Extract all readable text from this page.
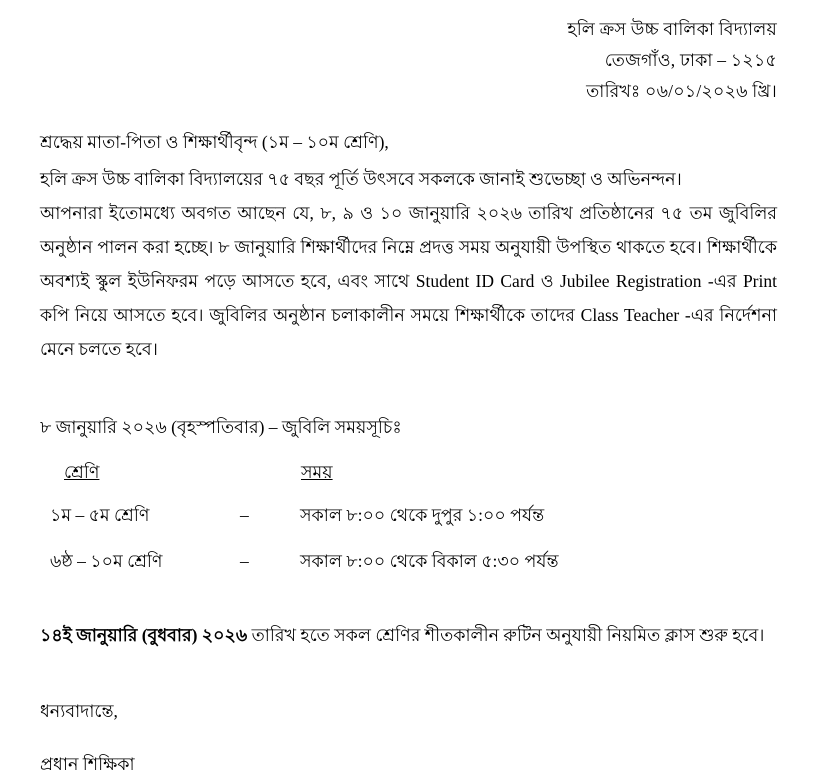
হলি ক্রস উচ্চ বালিকা বিদ্যালয়
তেজগাঁও, ঢাকা – ১২১৫
তারিখঃ ০৬/০১/২০২৬ খ্রি।
শ্রদ্ধেয় মাতা-পিতা ও শিক্ষার্থীবৃন্দ (১ম – ১০ম শ্রেণি),

হলি ক্রস উচ্চ বালিকা বিদ্যালয়ের ৭৫ বছর পূর্তি উৎসবে সকলকে জানাই শুভেচ্ছা ও অভিনন্দন।

আপনারা ইতোমধ্যে অবগত আছেন যে, ৮, ৯ ও ১০ জানুয়ারি ২০২৬ তারিখ প্রতিষ্ঠানের ৭৫ তম জুবিলির অনুষ্ঠান পালন করা হচ্ছে। ৮ জানুয়ারি শিক্ষার্থীদের নিম্নে প্রদত্ত সময় অনুযায়ী উপস্থিত থাকতে হবে। শিক্ষার্থীকে অবশ্যই স্কুল ইউনিফরম পড়ে আসতে হবে, এবং সাথে Student ID Card ও Jubilee Registration -এর Print কপি নিয়ে আসতে হবে। জুবিলির অনুষ্ঠান চলাকালীন সময়ে শিক্ষার্থীকে তাদের Class Teacher -এর নির্দেশনা মেনে চলতে হবে।

৮ জানুয়ারি ২০২৬ (বৃহস্পতিবার) – জুবিলি সময়সূচিঃ
শ্রেণি		সময়
১ম – ৫ম শ্রেণি	–	সকাল ৮:০০ থেকে দুপুর ১:০০ পর্যন্ত
৬ষ্ঠ – ১০ম শ্রেণি	–	সকাল ৮:০০ থেকে বিকাল ৫:৩০ পর্যন্ত
১৪ই জানুয়ারি (বুধবার) ২০২৬ তারিখ হতে সকল শ্রেণির শীতকালীন রুটিন অনুযায়ী নিয়মিত ক্লাস শুরু হবে।
ধন্যবাদান্তে,
প্রধান শিক্ষিকা
